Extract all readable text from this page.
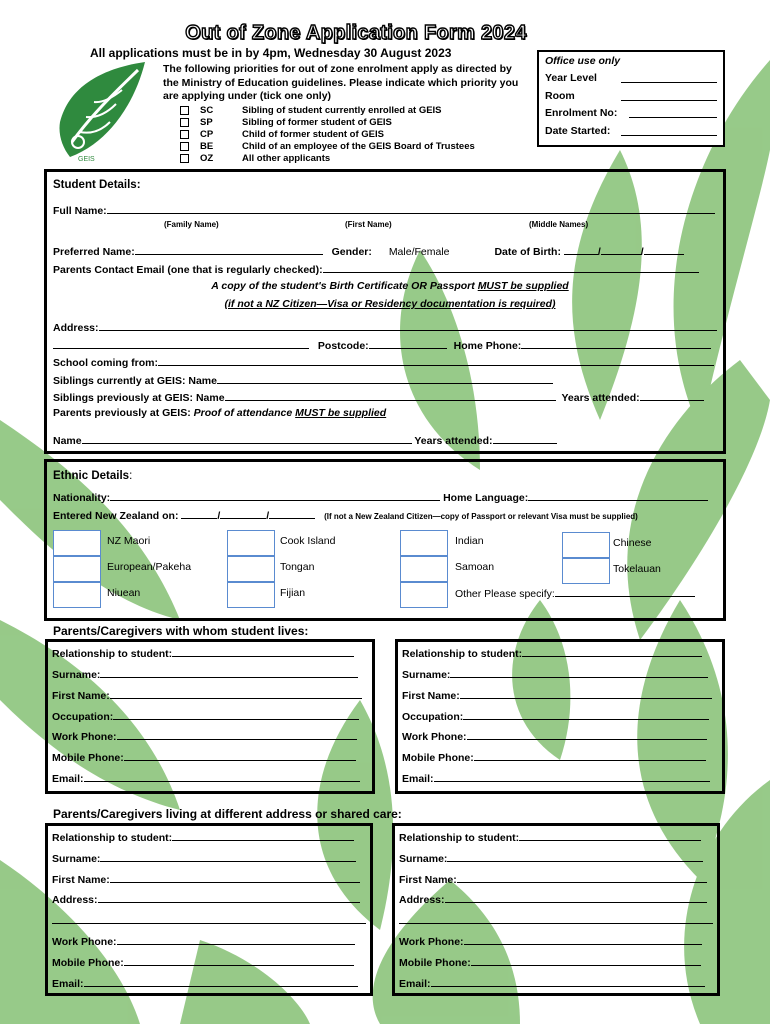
Out of Zone Application Form 2024
All applications must be in by 4pm, Wednesday 30 August 2023
GEIS
The following priorities for out of zone enrolment apply as directed by the Ministry of Education guidelines. Please indicate which priority you are applying under (tick one only)
SC	Sibling of student currently enrolled at GEIS
SP	Sibling of former student of GEIS
CP	Child of former student of GEIS
BE	Child of an employee of the GEIS Board of Trustees
OZ	All other applicants
Office use only
Year Level
Room
Enrolment No:
Date Started:
Student Details:
Full Name:
(Family Name)	(First Name)	(Middle Names)
Preferred Name:	Gender: Male/Female	Date of Birth:	/	/
Parents Contact Email (one that is regularly checked):
A copy of the student's Birth Certificate OR Passport MUST be supplied
(if not a NZ Citizen—Visa or Residency documentation is required)
Address:
Postcode:	Home Phone:
School coming from:
Siblings currently at GEIS: Name
Siblings previously at GEIS: Name	Years attended:
Parents previously at GEIS: Proof of attendance MUST be supplied
Name	Years attended:
Ethnic Details:
Nationality:	Home Language:
Entered New Zealand on:	/	/	(If not a New Zealand Citizen—copy of Passport or relevant Visa must be supplied)
NZ Maori	Cook Island	Indian	Chinese
European/Pakeha	Tongan	Samoan	Tokelauan
Niuean	Fijian	Other Please specify:
Parents/Caregivers with whom student lives:
Relationship to student:
Surname:
First Name:
Occupation:
Work Phone:
Mobile Phone:
Email:
Relationship to student:
Surname:
First Name:
Occupation:
Work Phone:
Mobile Phone:
Email:
Parents/Caregivers living at different address or shared care:
Relationship to student:
Surname:
First Name:
Address:
Work Phone:
Mobile Phone:
Email:
Relationship to student:
Surname:
First Name:
Address:
Work Phone:
Mobile Phone:
Email:
